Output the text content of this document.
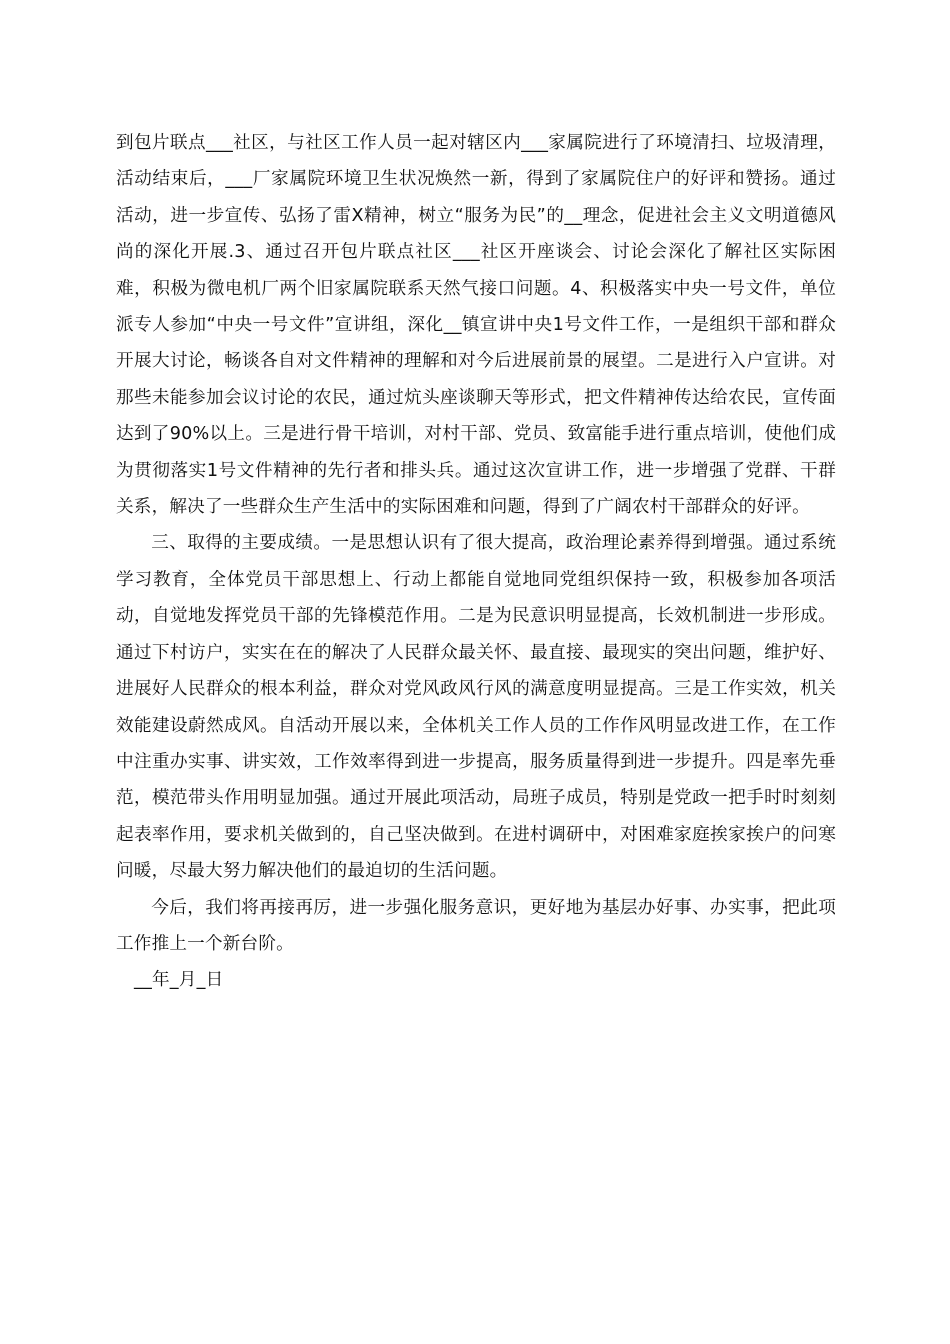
到包片联点___社区，与社区工作人员一起对辖区内___家属院进行了环境清扫、垃圾清理，活动结束后，___厂家属院环境卫生状况焕然一新，得到了家属院住户的好评和赞扬。通过活动，进一步宣传、弘扬了雷X精神，树立“服务为民”的__理念，促进社会主义文明道德风尚的深化开展.3、通过召开包片联点社区___社区开座谈会、讨论会深化了解社区实际困难，积极为微电机厂两个旧家属院联系天然气接口问题。4、积极落实中央一号文件，单位派专人参加“中央一号文件”宣讲组，深化__镇宣讲中央1号文件工作，一是组织干部和群众开展大讨论，畅谈各自对文件精神的理解和对今后进展前景的展望。二是进行入户宣讲。对那些未能参加会议讨论的农民，通过炕头座谈聊天等形式，把文件精神传达给农民，宣传面达到了90%以上。三是进行骨干培训，对村干部、党员、致富能手进行重点培训，使他们成为贯彻落实1号文件精神的先行者和排头兵。通过这次宣讲工作，进一步增强了党群、干群关系，解决了一些群众生产生活中的实际困难和问题，得到了广阔农村干部群众的好评。

三、取得的主要成绩。一是思想认识有了很大提高，政治理论素养得到增强。通过系统学习教育，全体党员干部思想上、行动上都能自觉地同党组织保持一致，积极参加各项活动，自觉地发挥党员干部的先锋模范作用。二是为民意识明显提高，长效机制进一步形成。通过下村访户，实实在在的解决了人民群众最关怀、最直接、最现实的突出问题，维护好、进展好人民群众的根本利益，群众对党风政风行风的满意度明显提高。三是工作实效，机关效能建设蔚然成风。自活动开展以来，全体机关工作人员的工作作风明显改进工作，在工作中注重办实事、讲实效，工作效率得到进一步提高，服务质量得到进一步提升。四是率先垂范，模范带头作用明显加强。通过开展此项活动，局班子成员，特别是党政一把手时时刻刻起表率作用，要求机关做到的，自己坚决做到。在进村调研中，对困难家庭挨家挨户的问寒问暖，尽最大努力解决他们的最迫切的生活问题。

今后，我们将再接再厉，进一步强化服务意识，更好地为基层办好事、办实事，把此项工作推上一个新台阶。

__年_月_日
